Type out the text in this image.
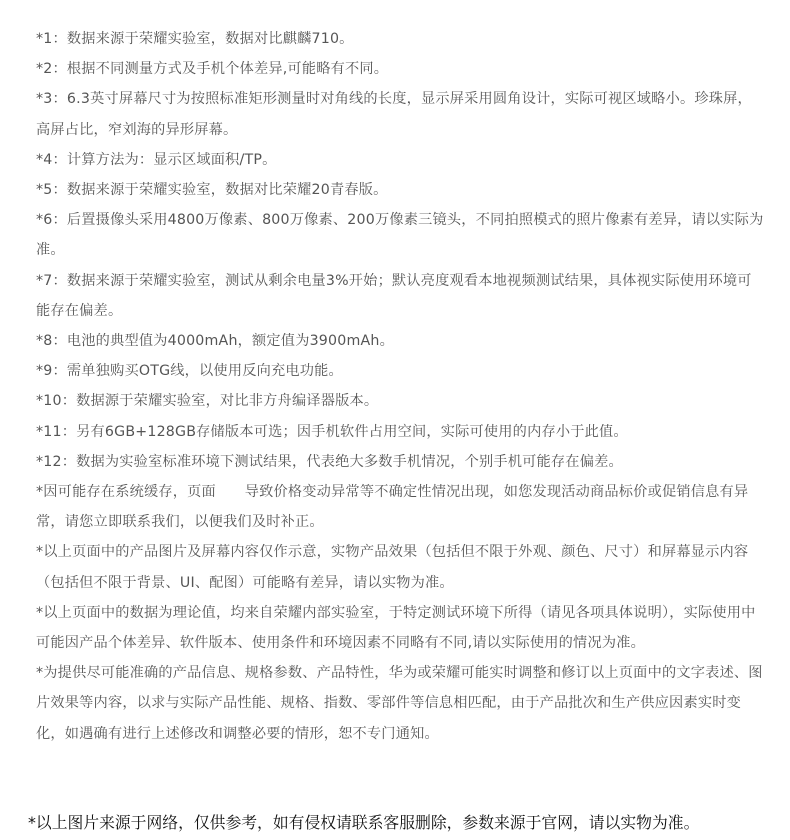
*1：数据来源于荣耀实验室，数据对比麒麟710。

*2：根据不同测量方式及手机个体差异,可能略有不同。

*3：6.3英寸屏幕尺寸为按照标准矩形测量时对角线的长度，显示屏采用圆角设计，实际可视区域略小。珍珠屏，高屏占比，窄刘海的异形屏幕。

*4：计算方法为：显示区域面积/TP。

*5：数据来源于荣耀实验室，数据对比荣耀20青春版。

*6：后置摄像头采用4800万像素、800万像素、200万像素三镜头，不同拍照模式的照片像素有差异，请以实际为准。

*7：数据来源于荣耀实验室，测试从剩余电量3%开始；默认亮度观看本地视频测试结果，具体视实际使用环境可能存在偏差。

*8：电池的典型值为4000mAh，额定值为3900mAh。

*9：需单独购买OTG线，以使用反向充电功能。

*10：数据源于荣耀实验室，对比非方舟编译器版本。

*11：另有6GB+128GB存储版本可选；因手机软件占用空间，实际可使用的内存小于此值。

*12：数据为实验室标准环境下测试结果，代表绝大多数手机情况，个别手机可能存在偏差。

*因可能存在系统缓存，页面　　导致价格变动异常等不确定性情况出现，如您发现活动商品标价或促销信息有异常，请您立即联系我们，以便我们及时补正。

*以上页面中的产品图片及屏幕内容仅作示意，实物产品效果（包括但不限于外观、颜色、尺寸）和屏幕显示内容（包括但不限于背景、UI、配图）可能略有差异，请以实物为准。

*以上页面中的数据为理论值，均来自荣耀内部实验室，于特定测试环境下所得（请见各项具体说明），实际使用中可能因产品个体差异、软件版本、使用条件和环境因素不同略有不同,请以实际使用的情况为准。

*为提供尽可能准确的产品信息、规格参数、产品特性，华为或荣耀可能实时调整和修订以上页面中的文字表述、图片效果等内容，以求与实际产品性能、规格、指数、零部件等信息相匹配，由于产品批次和生产供应因素实时变化，如遇确有进行上述修改和调整必要的情形，恕不专门通知。

*以上图片来源于网络，仅供参考，如有侵权请联系客服删除，参数来源于官网，请以实物为准。
